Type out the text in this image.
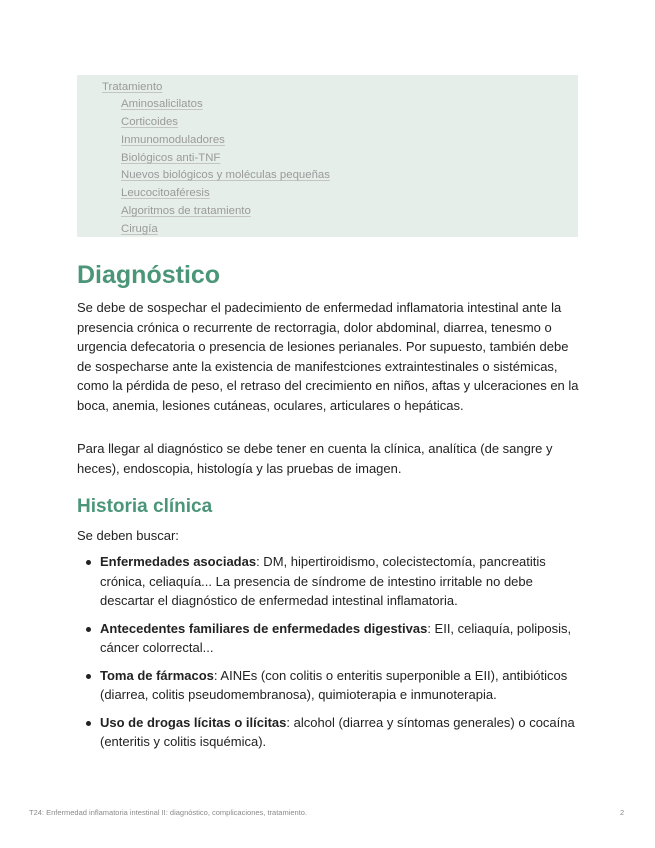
Tratamiento
Aminosalicilatos
Corticoides
Inmunomoduladores
Biológicos anti-TNF
Nuevos biológicos y moléculas pequeñas
Leucocitoaféresis
Algoritmos de tratamiento
Cirugía
Diagnóstico

Se debe de sospechar el padecimiento de enfermedad inflamatoria intestinal ante la presencia crónica o recurrente de rectorragia, dolor abdominal, diarrea, tenesmo o urgencia defecatoria o presencia de lesiones perianales. Por supuesto, también debe de sospecharse ante la existencia de manifestciones extraintestinales o sistémicas, como la pérdida de peso, el retraso del crecimiento en niños, aftas y ulceraciones en la boca, anemia, lesiones cutáneas, oculares, articulares o hepáticas.

Para llegar al diagnóstico se debe tener en cuenta la clínica, analítica (de sangre y heces), endoscopia, histología y las pruebas de imagen.

Historia clínica

Se deben buscar:

Enfermedades asociadas: DM, hipertiroidismo, colecistectomía, pancreatitis crónica, celiaquía... La presencia de síndrome de intestino irritable no debe descartar el diagnóstico de enfermedad intestinal inflamatoria.
Antecedentes familiares de enfermedades digestivas: EII, celiaquía, poliposis, cáncer colorrectal...
Toma de fármacos: AINEs (con colitis o enteritis superponible a EII), antibióticos (diarrea, colitis pseudomembranosa), quimioterapia e inmunoterapia.
Uso de drogas lícitas o ilícitas: alcohol (diarrea y síntomas generales) o cocaína (enteritis y colitis isquémica).
T24: Enfermedad inflamatoria intestinal II: diagnóstico, complicaciones, tratamiento.	2
